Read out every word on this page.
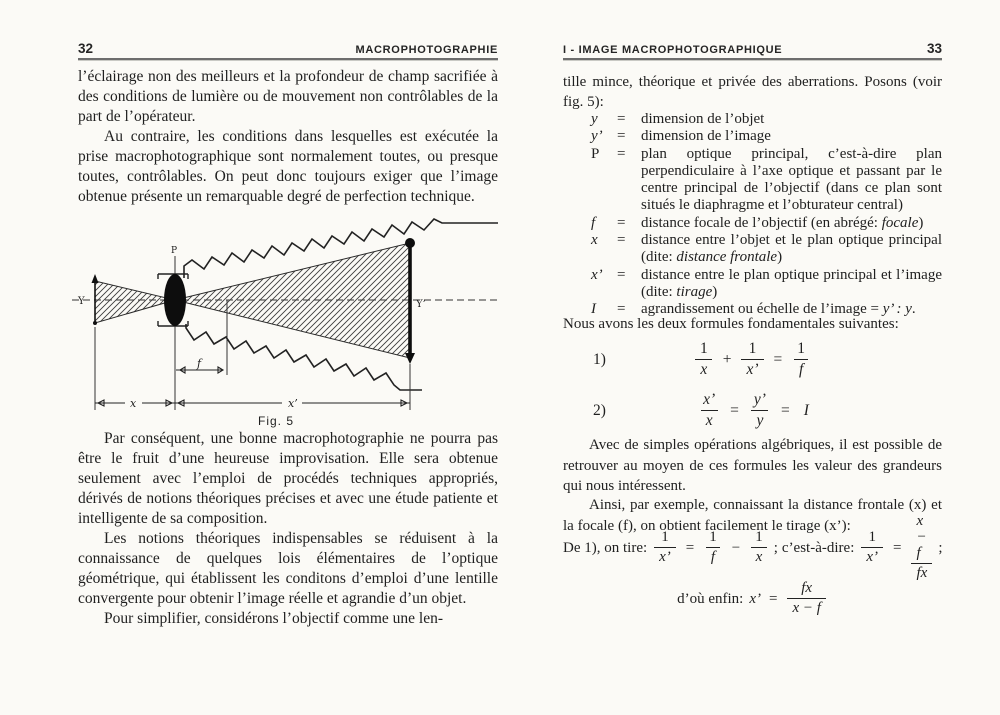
32	MACROPHOTOGRAPHIE

l’éclairage non des meilleurs et la profondeur de champ sacrifiée à des conditions de lumière ou de mouvement non contrôlables de la part de l’opérateur.

Au contraire, les conditions dans lesquelles est exécutée la prise macrophotographique sont normalement toutes, ou presque toutes, contrôlables. On peut donc toujours exiger que l’image obtenue présente un remarquable degré de perfection technique.

Y
P
Y’
f
x	x’
Fig. 5

Par conséquent, une bonne macrophotographie ne pourra pas être le fruit d’une heureuse improvisation. Elle sera obtenue seulement avec l’emploi de procédés techniques appropriés, dérivés de notions théoriques précises et avec une étude patiente et intelligente de sa composition.

Les notions théoriques indispensables se réduisent à la connaissance de quelques lois élémentaires de l’optique géométrique, qui établissent les conditons d’emploi d’une lentille convergente pour obtenir l’image réelle et agrandie d’un objet.

Pour simplifier, considérons l’objectif comme une len-

I - IMAGE MACROPHOTOGRAPHIQUE	33

tille mince, théorique et privée des aberrations. Posons (voir fig. 5):

y	=	dimension de l’objet
y’ =	dimension de l’image
P	=	plan optique principal, c’est-à-dire plan perpendiculaire à l’axe optique et passant par le centre principal de l’objectif (dans ce plan sont situés le diaphragme et l’obturateur central)
f	=	distance focale de l’objectif (en abrégé: focale)
x	=	distance entre l’objet et le plan optique principal (dite: distance frontale)
x’ =	distance entre le plan optique principal et l’image (dite: tirage)
I	=	agrandissement ou échelle de l’image = y’ : y.

Nous avons les deux formules fondamentales suivantes:

1)	$\frac{1}{x} + \frac{1}{x’} = \frac{1}{f}$
2)	$\frac{x’}{x} = \frac{y’}{y} = I$

Avec de simples opérations algébriques, il est possible de retrouver au moyen de ces formules les valeur des grandeurs qui nous intéressent.

Ainsi, par exemple, connaissant la distance frontale (x) et la focale (f), on obtient facilement le tirage (x’):

De 1), on tire: $\frac{1}{x’} = \frac{1}{f} - \frac{1}{x}$ ; c’est-à-dire: $\frac{1}{x’} = \frac{x - f}{fx}$ ;
d’où enfin: x’ = $\frac{fx}{x - f}$
